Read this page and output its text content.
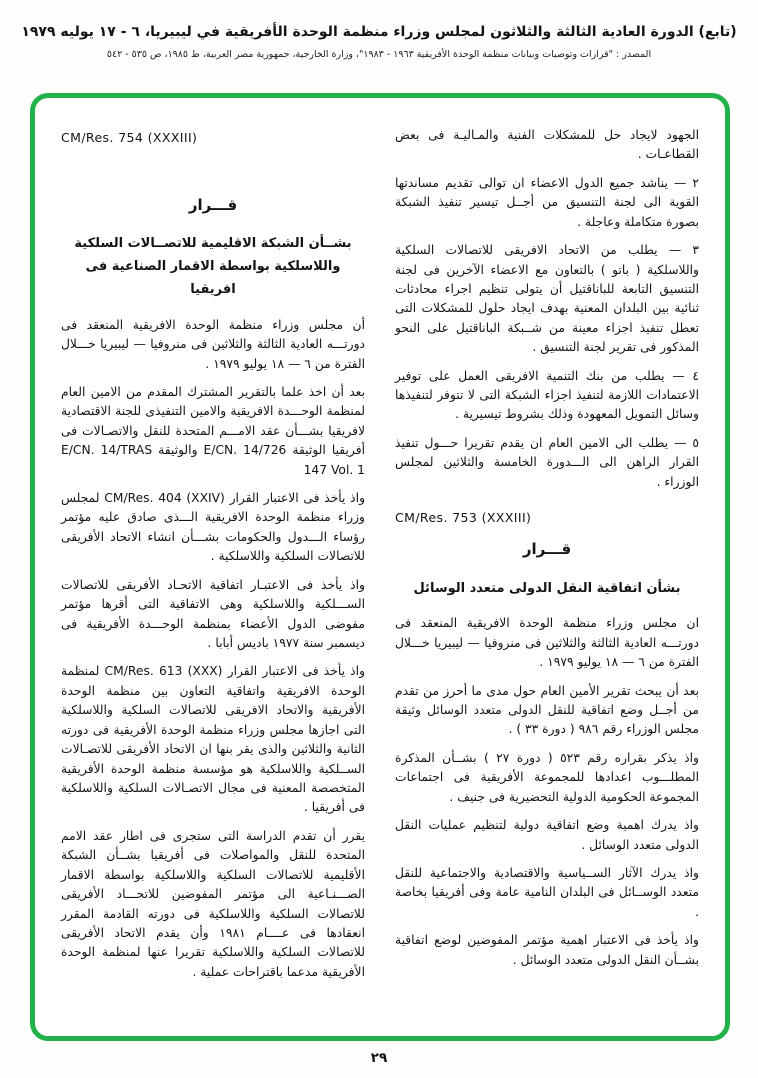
(تابع) الدورة العادية الثالثة والثلاثون لمجلس وزراء منظمة الوحدة الأفريقية في ليبيريا، ٦ - ١٧ يوليه ١٩٧٩
المصدر : "قرارات وتوصيات وبيانات منظمة الوحدة الأفريقية ١٩٦٣ - ١٩٨٣"، وزارة الخارجية، جمهورية مصر العربية، ط ١٩٨٥، ص ٥٣٥ - ٥٤٢

الجهود لايجاد حل للمشكلات الفنية والمـاليـة فى بعض القطاعـات .

٢ — يناشد جميع الدول الاعضاء ان توالى تقديم مساندتها القوية الى لجنة التنسيق من أجــل تيسير تنفيذ الشبكة بصورة متكاملة وعاجلة .

٣ — يطلب من الاتحاد الافريقى للاتصالات السلكية واللاسلكية ( باتو ) بالتعاون مع الاعضاء الآخرين فى لجنة التنسيق التابعة للباناقتيل أن يتولى تنظيم اجراء محادثات ثنائية بين البلدان المعنية بهدف ايجاد حلول للمشكلات التى تعطل تنفيذ اجزاء معينة من شــبكة الباناقتيل على النحو المذكور فى تقرير لجنة التنسيق .

٤ — يطلب من بنك التنمية الافريقى العمل على توفير الاعتمادات اللازمة لتنفيذ اجزاء الشبكة التى لا تتوفر لتنفيذها وسائل التمويل المعهودة وذلك بشروط تيسيرية .

٥ — يطلب الى الامين العام ان يقدم تقريرا حـــول تنفيذ القرار الراهن الى الـــدورة الخامسة والثلاثين لمجلس الوزراء .

CM/Res. 753 (XXXIII)
قـــرار
بشأن اتفاقية النقل الدولى متعدد الوسائل

ان مجلس وزراء منظمة الوحدة الافريقية المنعقد فى دورتـــه العادية الثالثة والثلاثين فى منروفيا — ليبيريا خـــلال الفترة من ٦ — ١٨ يوليو ١٩٧٩ .

بعد أن يبحث تقرير الأمين العام حول مدى ما أحرز من تقدم من أجــل وضع اتفاقية للنقل الدولى متعدد الوسائل وثيقة مجلس الوزراء رقم ٩٨٦ ( دورة ٣٣ ) .

واذ يذكر بقراره رقم ٥٢٣ ( دورة ٢٧ ) بشــأن المذكرة المطلـــوب اعدادها للمجموعة الأفريقية فى اجتماعات المجموعة الحكومية الدولية التحضيرية فى جنيف .

واذ يدرك اهمية وضع اتفاقية دولية لتنظيم عمليات النقل الدولى متعدد الوسائل .

واذ يدرك الآثار الســياسية والاقتصادية والاجتماعية للنقل متعدد الوســائل فى البلدان النامية عامة وفى أفريقيا بخاصة .

واذ يأخذ فى الاعتبار اهمية مؤتمر المفوضين لوضع اتفاقية بشــأن النقل الدولى متعدد الوسائل .

CM/Res. 754 (XXXIII)
قـــرار
بشــأن الشبكة الاقليمية للاتصــالات السلكية واللاسلكية بواسطة الاقمار الصناعية فى افريقيا

أن مجلس وزراء منظمة الوحدة الافريقية المنعقد فى دورتـــه العادية الثالثة والثلاثين فى منروفيا — ليبيريا خـــلال الفترة من ٦ — ١٨ يوليو ١٩٧٩ .

بعد أن اخذ علما بالتقرير المشترك المقدم من الامين العام لمنظمة الوحـــدة الافريقية والامين التنفيذى للجنة الاقتصادية لافريقيا بشـــأن عقد الامـــم المتحدة للنقل والاتصـالات فى أفريقيا الوثيقة E/CN. 14/726 والوثيقة E/CN. 14/TRAS 147 Vol. 1

واذ يأخذ فى الاعتبار القرار CM/Res. 404 (XXIV) لمجلس وزراء منظمة الوحدة الافريقية الـــذى صادق عليه مؤتمر رؤساء الـــدول والحكومات بشـــأن انشاء الاتحاد الأفريقى للاتصالات السلكية واللاسلكية .

واذ يأخذ فى الاعتبـار اتفاقية الاتحـاد الأفريقى للاتصالات الســـلكية واللاسلكية وهى الاتفاقية التى أقرها مؤتمر مفوضى الدول الأعضاء بمنظمة الوحـــدة الأفريقية فى ديسمبر سنة ١٩٧٧ باديس أبابا .

واذ يأخذ فى الاعتبار القرار CM/Res. 613 (XXX) لمنظمة الوحدة الافريقية واتفاقية التعاون بين منظمة الوحدة الأفريقية والاتحاد الافريقى للاتصالات السلكية واللاسلكية التى اجازها مجلس وزراء منظمة الوحدة الأفريقية فى دورته الثانية والثلاثين والذى يقر بنها ان الاتحاد الأفريقى للاتصـالات الســلكية واللاسلكية هو مؤسسة منظمة الوحدة الأفريقية المتخصصة المعنية فى مجال الاتصـالات السلكية واللاسلكية فى أفريقيا .

يقرر أن تقدم الدراسة التى ستجرى فى اطار عقد الامم المتحدة للنقل والمواصلات فى أفريقيا بشــأن الشبكة الأقليمية للاتصالات السلكية واللاسلكية بواسطة الاقمار الصـــنـاعية الى مؤتمر المفوضين للاتحـــاد الأفريقى للاتصالات السلكية واللاسلكية فى دورته القادمة المقرر انعقادها فى عــــام ١٩٨١ وأن يقدم الاتحاد الأفريقى للاتصالات السلكية واللاسلكية تقريرا عنها لمنظمة الوحدة الأفريقية مدعما باقتراحات عملية .

٢٩
